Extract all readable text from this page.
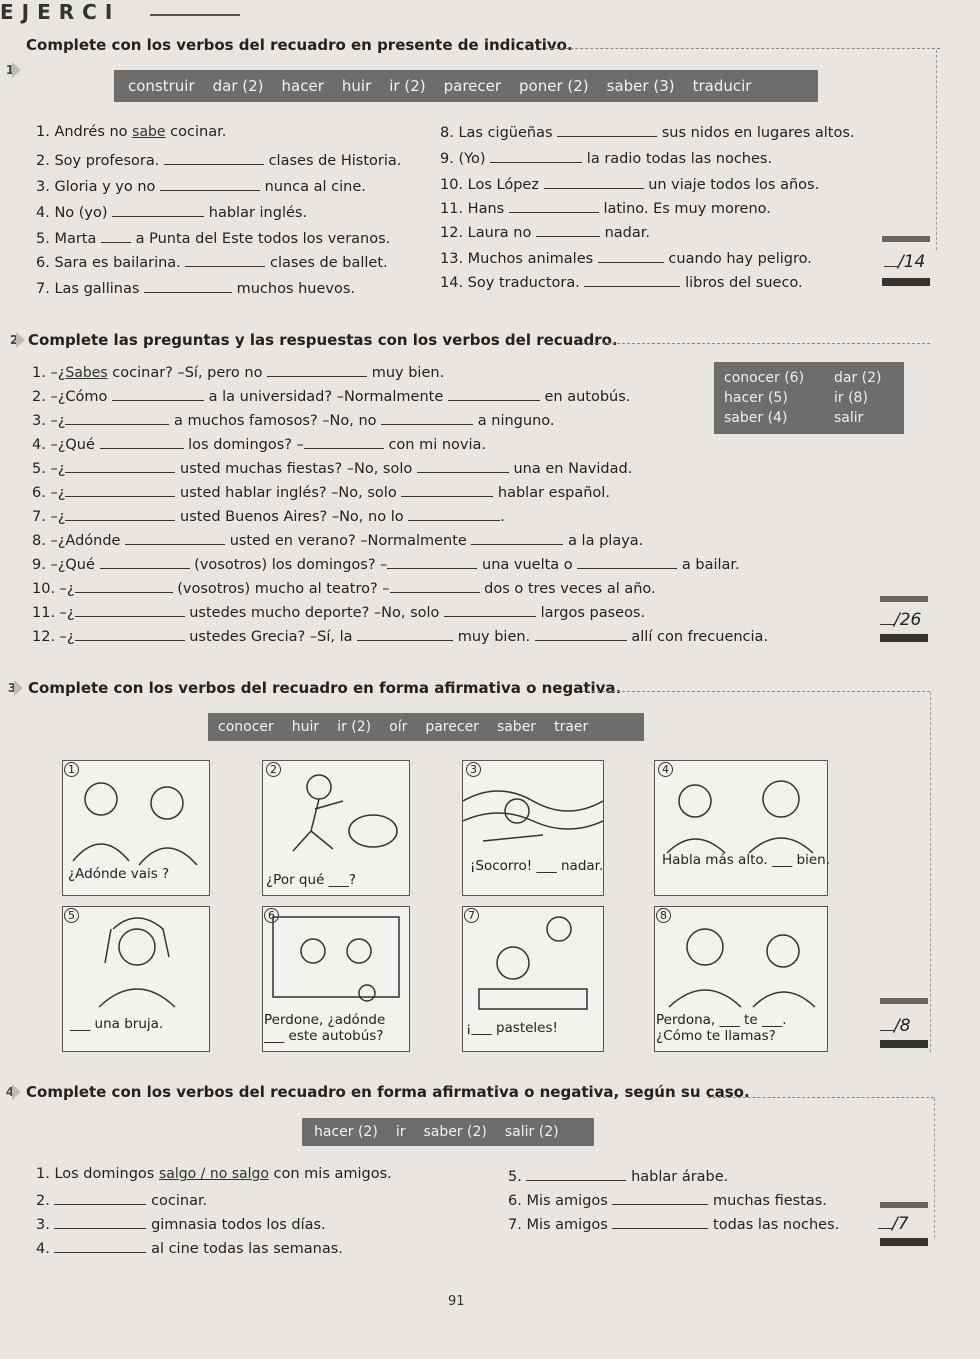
EJERCI
1
Complete con los verbos del recuadro en presente de indicativo.
construir dar (2) hacer huir ir (2) parecer poner (2) saber (3) traducir
1. Andrés no sabe cocinar.
2. Soy profesora.	clases de Historia.
3. Gloria y yo no	nunca al cine.
4. No (yo)	hablar inglés.
5. Marta	a Punta del Este todos los veranos.
6. Sara es bailarina.	clases de ballet.
7. Las gallinas	muchos huevos.
8. Las cigüeñas	sus nidos en lugares altos.
9. (Yo)	la radio todas las noches.
10. Los López	un viaje todos los años.
11. Hans	latino. Es muy moreno.
12. Laura no	nadar.
13. Muchos animales	cuando hay peligro.
14. Soy traductora.	libros del sueco.
/14
2 Complete las preguntas y las respuestas con los verbos del recuadro.
conocer (6)	dar (2)
hacer (5)	ir (8)
saber (4)	salir
1. –¿Sabes cocinar? –Sí, pero no	muy bien.
2. –¿Cómo	a la universidad? –Normalmente	en autobús.
3. –¿	a muchos famosos? –No, no	a ninguno.
4. –¿Qué	los domingos? –	con mi novia.
5. –¿	usted muchas fiestas? –No, solo	una en Navidad.
6. –¿	usted hablar inglés? –No, solo	hablar español.
7. –¿	usted Buenos Aires? –No, no lo	.
8. –¿Adónde	usted en verano? –Normalmente	a la playa.
9. –¿Qué	(vosotros) los domingos? –	una vuelta o	a bailar.
10. –¿	(vosotros) mucho al teatro? –	dos o tres veces al año.
11. –¿	ustedes mucho deporte? –No, solo	largos paseos.
12. –¿	ustedes Grecia? –Sí, la	muy bien.	allí con frecuencia.
/26
3 Complete con los verbos del recuadro en forma afirmativa o negativa.
conocer huir ir (2) oír parecer saber traer
1
¿Adónde vais ?
2
¿Por qué ___?
3
¡Socorro! ___ nadar.
4
Habla más alto. ___ bien.
5
___ una bruja.
6
Perdone, ¿adónde ___ este autobús?
7
¡___ pasteles!
8
Perdona, ___ te ___. ¿Cómo te llamas?	/8
4 Complete con los verbos del recuadro en forma afirmativa o negativa, según su caso.
hacer (2) ir saber (2) salir (2)
1. Los domingos salgo / no salgo con mis amigos.
2.	cocinar.
3.	gimnasia todos los días.
4.	al cine todas las semanas.
5.	hablar árabe.
6. Mis amigos	muchas fiestas.
7. Mis amigos	todas las noches.	/7
91
